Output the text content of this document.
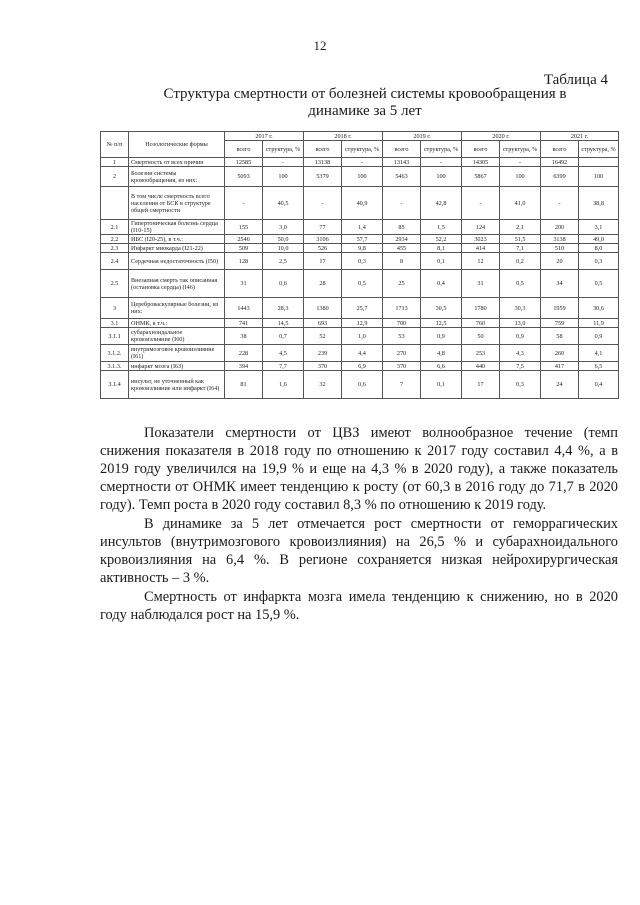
12
Таблица 4
Структура смертности от болезней системы кровообращения в динамике за 5 лет
№ п/п	Нозологические формы	2017 г.		2018 г.		2019 г.		2020 г.		2021 г.	
		всего	структура, %	всего	структура, %	всего	структура, %	всего	структура, %	всего	структура, %
1	Смертность от всех причин	12585	-	13138	-	13143	-	14305	-	16492	
2	Болезни системы кровообращения, из них:	5093	100	5379	100	5463	100	5867	100	6399	100
	В том числе смертность всего населения от БСК в структуре общей смертности	-	40,5	-	40,9	-	42,8	-	41,0	-	38,8
2.1	Гипертоническая болезнь сердца (I10-15)	155	3,0	77	1,4	85	1,5	124	2,1	200	3,1
2.2	ИБС (I20-25), в т.ч.:	2546	50,0	3106	57,7	2934	52,2	3023	51,5	3138	49,0
2.3	Инфаркт миокарда (I21-22)	509	10,0	526	9,8	455	8,1	414	7,1	510	8,0
2.4	Сердечная недостаточность (I50)	128	2,5	17	0,3	8	0,1	12	0,2	20	0,3
2.5	Внезапная смерть так описанная (остановка сердца) (I46)	31	0,6	28	0,5	25	0,4	31	0,5	34	0,5
3	Цереброваскулярные болезни, из них:	1443	28,3	1380	25,7	1713	30,5	1780	30,3	1959	30,6
3.1	ОНМК, в т.ч.:	741	14,5	693	12,9	700	12,5	760	13,0	759	11,9
3.1.1	субарахноидальное кровоизлияние (I60)	38	0,7	52	1,0	53	0,9	50	0,9	58	0,9
3.1.2.	внутримозговое кровоизлияние (I61)	228	4,5	239	4,4	270	4,8	253	4,3	260	4,1
3.1.3.	инфаркт мозга (I63)	394	7,7	370	6,9	370	6,6	440	7,5	417	6,5
3.1.4	инсульт, не уточненный как кровоизлияние или инфаркт (I64)	81	1,6	32	0,6	7	0,1	17	0,3	24	0,4

Показатели смертности от ЦВЗ имеют волнообразное течение (темп снижения показателя в 2018 году по отношению к 2017 году составил 4,4 %, а в 2019 году увеличился на 19,9 % и еще на 4,3 % в 2020 году), а также показатель смертности от ОНМК имеет тенденцию к росту (от 60,3 в 2016 году до 71,7 в 2020 году). Темп роста в 2020 году составил 8,3 % по отношению к 2019 году.

В динамике за 5 лет отмечается рост смертности от геморрагических инсультов (внутримозгового кровоизлияния) на 26,5 % и субарахноидального кровоизлияния на 6,4 %. В регионе сохраняется низкая нейрохирургическая активность – 3 %.

Смертность от инфаркта мозга имела тенденцию к снижению, но в 2020 году наблюдался рост на 15,9 %.
